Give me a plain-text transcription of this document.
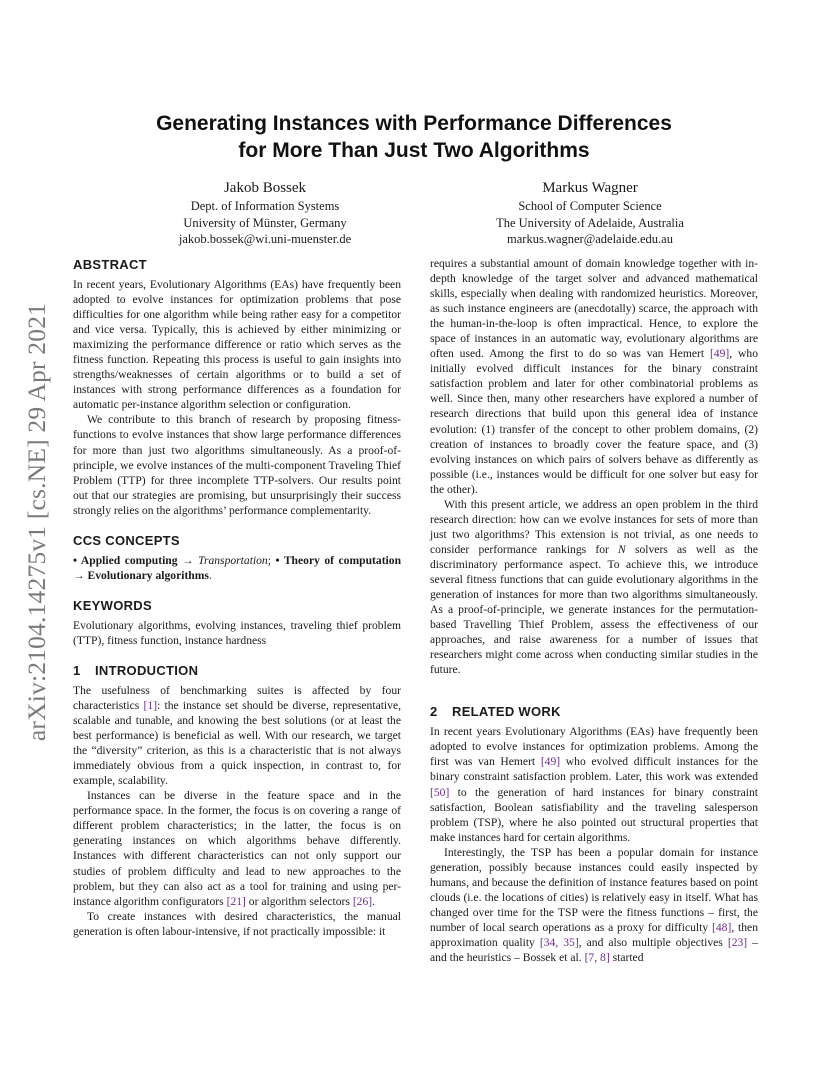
arXiv:2104.14275v1 [cs.NE] 29 Apr 2021
Generating Instances with Performance Differences
for More Than Just Two Algorithms
Jakob Bossek
Dept. of Information Systems
University of Münster, Germany
jakob.bossek@wi.uni-muenster.de
Markus Wagner
School of Computer Science
The University of Adelaide, Australia
markus.wagner@adelaide.edu.au
ABSTRACT

In recent years, Evolutionary Algorithms (EAs) have frequently been adopted to evolve instances for optimization problems that pose difficulties for one algorithm while being rather easy for a competitor and vice versa. Typically, this is achieved by either minimizing or maximizing the performance difference or ratio which serves as the fitness function. Repeating this process is useful to gain insights into strengths/weaknesses of certain algorithms or to build a set of instances with strong performance differences as a foundation for automatic per-instance algorithm selection or configuration.

We contribute to this branch of research by proposing fitness-functions to evolve instances that show large performance differences for more than just two algorithms simultaneously. As a proof-of-principle, we evolve instances of the multi-component Traveling Thief Problem (TTP) for three incomplete TTP-solvers. Our results point out that our strategies are promising, but unsurprisingly their success strongly relies on the algorithms’ performance complementarity.

CCS CONCEPTS

• Applied computing → Transportation; • Theory of computation → Evolutionary algorithms.

KEYWORDS

Evolutionary algorithms, evolving instances, traveling thief problem (TTP), fitness function, instance hardness

1 INTRODUCTION

The usefulness of benchmarking suites is affected by four characteristics [1]: the instance set should be diverse, representative, scalable and tunable, and knowing the best solutions (or at least the best performance) is beneficial as well. With our research, we target the “diversity” criterion, as this is a characteristic that is not always immediately obvious from a quick inspection, in contrast to, for example, scalability.

Instances can be diverse in the feature space and in the performance space. In the former, the focus is on covering a range of different problem characteristics; in the latter, the focus is on generating instances on which algorithms behave differently. Instances with different characteristics can not only support our studies of problem difficulty and lead to new approaches to the problem, but they can also act as a tool for training and using per-instance algorithm configurators [21] or algorithm selectors [26].

To create instances with desired characteristics, the manual generation is often labour-intensive, if not practically impossible: it

requires a substantial amount of domain knowledge together with in-depth knowledge of the target solver and advanced mathematical skills, especially when dealing with randomized heuristics. Moreover, as such instance engineers are (anecdotally) scarce, the approach with the human-in-the-loop is often impractical. Hence, to explore the space of instances in an automatic way, evolutionary algorithms are often used. Among the first to do so was van Hemert [49], who initially evolved difficult instances for the binary constraint satisfaction problem and later for other combinatorial problems as well. Since then, many other researchers have explored a number of research directions that build upon this general idea of instance evolution: (1) transfer of the concept to other problem domains, (2) creation of instances to broadly cover the feature space, and (3) evolving instances on which pairs of solvers behave as differently as possible (i.e., instances would be difficult for one solver but easy for the other).

With this present article, we address an open problem in the third research direction: how can we evolve instances for sets of more than just two algorithms? This extension is not trivial, as one needs to consider performance rankings for N solvers as well as the discriminatory performance aspect. To achieve this, we introduce several fitness functions that can guide evolutionary algorithms in the generation of instances for more than two algorithms simultaneously. As a proof-of-principle, we generate instances for the permutation-based Travelling Thief Problem, assess the effectiveness of our approaches, and raise awareness for a number of issues that researchers might come across when conducting similar studies in the future.

2 RELATED WORK

In recent years Evolutionary Algorithms (EAs) have frequently been adopted to evolve instances for optimization problems. Among the first was van Hemert [49] who evolved difficult instances for the binary constraint satisfaction problem. Later, this work was extended [50] to the generation of hard instances for binary constraint satisfaction, Boolean satisfiability and the traveling salesperson problem (TSP), where he also pointed out structural properties that make instances hard for certain algorithms.

Interestingly, the TSP has been a popular domain for instance generation, possibly because instances could easily inspected by humans, and because the definition of instance features based on point clouds (i.e. the locations of cities) is relatively easy in itself. What has changed over time for the TSP were the fitness functions – first, the number of local search operations as a proxy for difficulty [48], then approximation quality [34, 35], and also multiple objectives [23] – and the heuristics – Bossek et al. [7, 8] started
